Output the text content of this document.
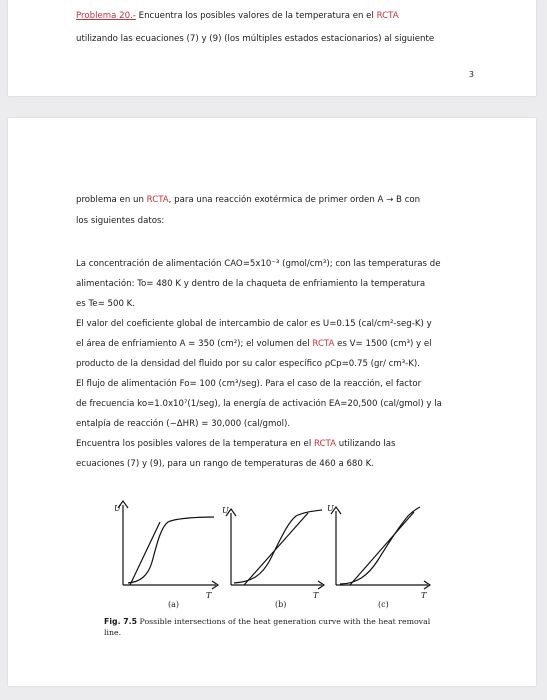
Problema 20.- Encuentra los posibles valores de la temperatura en el RCTA
utilizando las ecuaciones (7) y (9) (los múltiples estados estacionarios) al siguiente
3
problema en un RCTA, para una reacción exotérmica de primer orden A → B con
los siguientes datos:
La concentración de alimentación CAO=5x10⁻³ (gmol/cm³); con las temperaturas de
alimentación: To= 480 K y dentro de la chaqueta de enfriamiento la temperatura
es Te= 500 K.
El valor del coeficiente global de intercambio de calor es U=0.15 (cal/cm²-seg-K) y
el área de enfriamiento A = 350 (cm²); el volumen del RCTA es V= 1500 (cm³) y el
producto de la densidad del fluido por su calor específico ρCp=0.75 (gr/ cm³-K).
El flujo de alimentación Fo= 100 (cm³/seg). Para el caso de la reacción, el factor
de frecuencia ko=1.0x10⁷(1/seg), la energía de activación EA=20,500 (cal/gmol) y la
entalpía de reacción (−ΔHR) = 30,000 (cal/gmol).
Encuentra los posibles valores de la temperatura en el RCTA utilizando las
ecuaciones (7) y (9), para un rango de temperaturas de 460 a 680 K.
U
T
U
T
U
T
(a)	(b)	(c)
Fig. 7.5 Possible intersections of the heat generation curve with the heat removal line.
